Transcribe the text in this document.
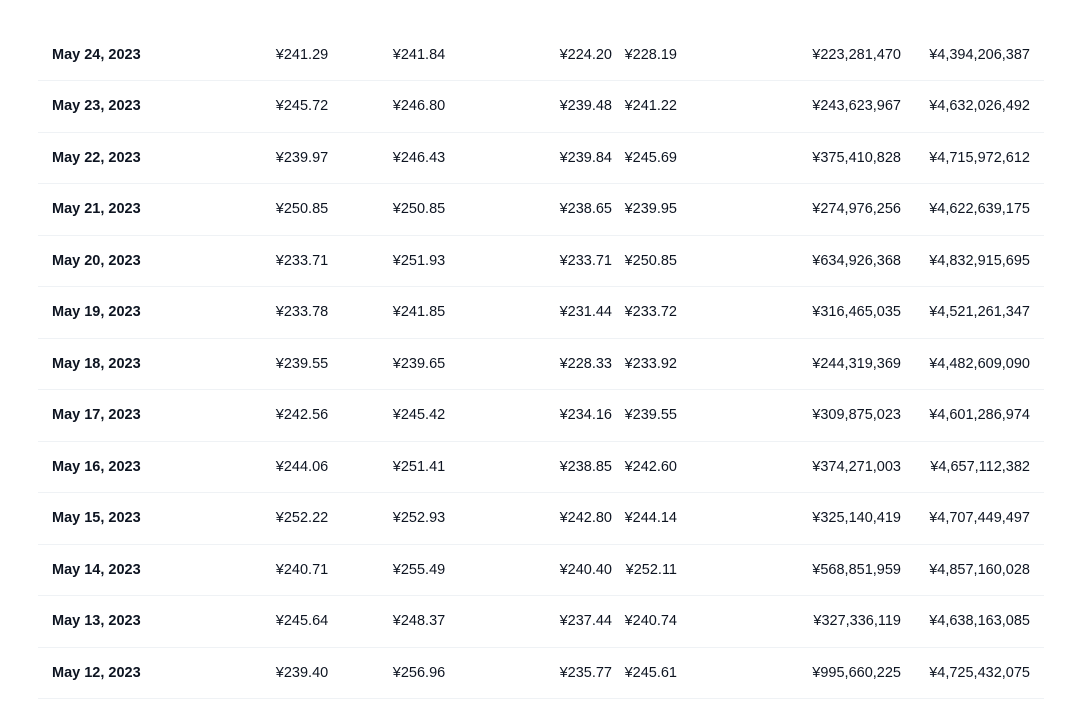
May 24, 2023	¥241.29	¥241.84	¥224.20	¥228.19	¥223,281,470	¥4,394,206,387
May 23, 2023	¥245.72	¥246.80	¥239.48	¥241.22	¥243,623,967	¥4,632,026,492
May 22, 2023	¥239.97	¥246.43	¥239.84	¥245.69	¥375,410,828	¥4,715,972,612
May 21, 2023	¥250.85	¥250.85	¥238.65	¥239.95	¥274,976,256	¥4,622,639,175
May 20, 2023	¥233.71	¥251.93	¥233.71	¥250.85	¥634,926,368	¥4,832,915,695
May 19, 2023	¥233.78	¥241.85	¥231.44	¥233.72	¥316,465,035	¥4,521,261,347
May 18, 2023	¥239.55	¥239.65	¥228.33	¥233.92	¥244,319,369	¥4,482,609,090
May 17, 2023	¥242.56	¥245.42	¥234.16	¥239.55	¥309,875,023	¥4,601,286,974
May 16, 2023	¥244.06	¥251.41	¥238.85	¥242.60	¥374,271,003	¥4,657,112,382
May 15, 2023	¥252.22	¥252.93	¥242.80	¥244.14	¥325,140,419	¥4,707,449,497
May 14, 2023	¥240.71	¥255.49	¥240.40	¥252.11	¥568,851,959	¥4,857,160,028
May 13, 2023	¥245.64	¥248.37	¥237.44	¥240.74	¥327,336,119	¥4,638,163,085
May 12, 2023	¥239.40	¥256.96	¥235.77	¥245.61	¥995,660,225	¥4,725,432,075
